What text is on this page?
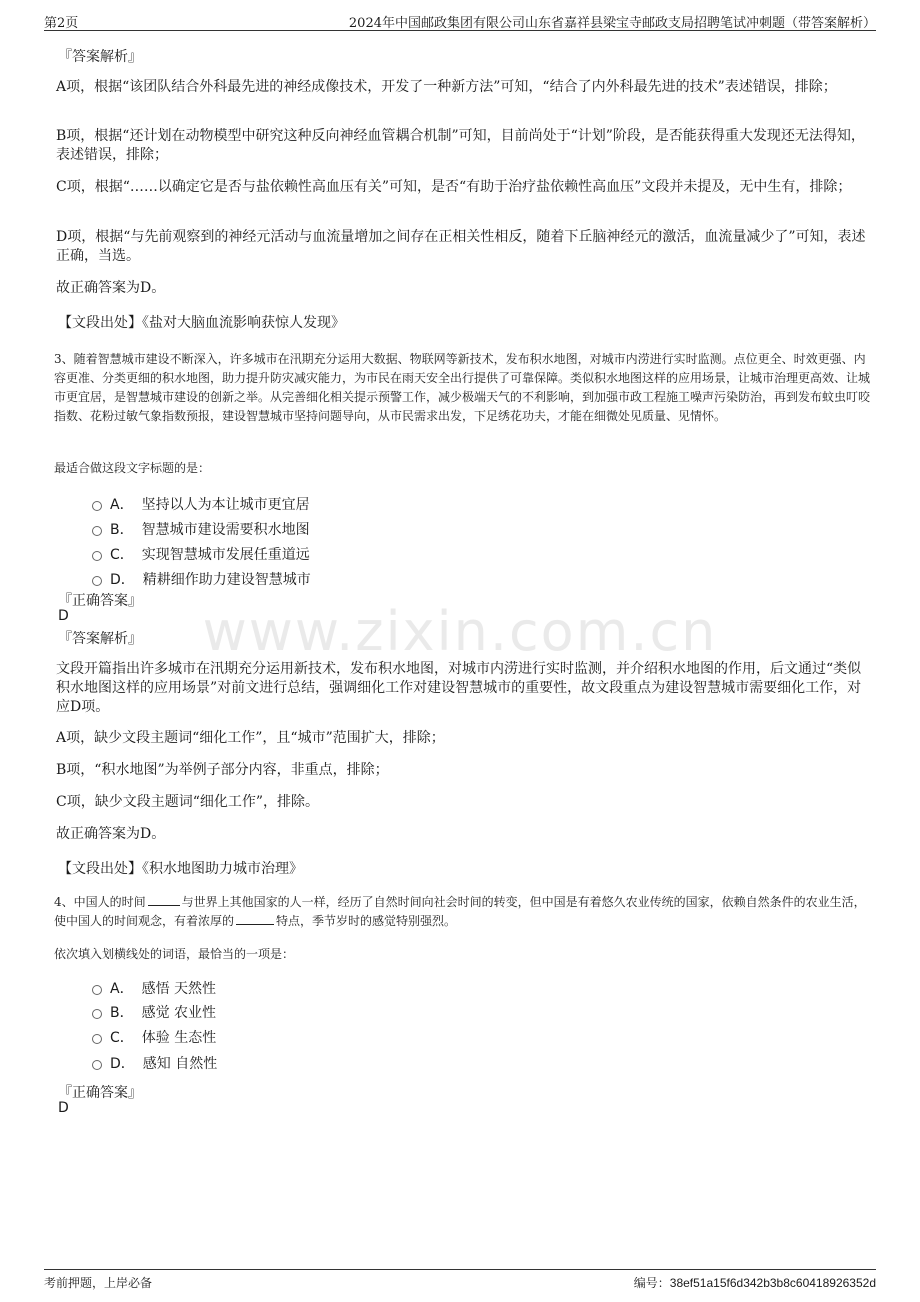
第2页	2024年中国邮政集团有限公司山东省嘉祥县梁宝寺邮政支局招聘笔试冲刺题（带答案解析）
『答案解析』
A项，根据“该团队结合外科最先进的神经成像技术，开发了一种新方法”可知，“结合了内外科最先进的技术”表述错误，排除；
B项，根据“还计划在动物模型中研究这种反向神经血管耦合机制”可知，目前尚处于“计划”阶段，是否能获得重大发现还无法得知，表述错误，排除；
C项，根据“……以确定它是否与盐依赖性高血压有关”可知，是否“有助于治疗盐依赖性高血压”文段并未提及，无中生有，排除；
D项，根据“与先前观察到的神经元活动与血流量增加之间存在正相关性相反，随着下丘脑神经元的激活，血流量减少了”可知，表述正确，当选。
故正确答案为D。
【文段出处】《盐对大脑血流影响获惊人发现》
3、随着智慧城市建设不断深入，许多城市在汛期充分运用大数据、物联网等新技术，发布积水地图，对城市内涝进行实时监测。点位更全、时效更强、内容更准、分类更细的积水地图，助力提升防灾减灾能力，为市民在雨天安全出行提供了可靠保障。类似积水地图这样的应用场景，让城市治理更高效、让城市更宜居，是智慧城市建设的创新之举。从完善细化相关提示预警工作，减少极端天气的不利影响，到加强市政工程施工噪声污染防治，再到发布蚊虫叮咬指数、花粉过敏气象指数预报，建设智慧城市坚持问题导向，从市民需求出发，下足绣花功夫，才能在细微处见质量、见情怀。
最适合做这段文字标题的是：
A． 坚持以人为本让城市更宜居
B． 智慧城市建设需要积水地图
C． 实现智慧城市发展任重道远
D． 精耕细作助力建设智慧城市
『正确答案』
D	www.zixin.com.cn
『答案解析』
文段开篇指出许多城市在汛期充分运用新技术，发布积水地图，对城市内涝进行实时监测，并介绍积水地图的作用，后文通过“类似积水地图这样的应用场景”对前文进行总结，强调细化工作对建设智慧城市的重要性，故文段重点为建设智慧城市需要细化工作，对应D项。
A项，缺少文段主题词“细化工作”，且“城市”范围扩大，排除；
B项，“积水地图”为举例子部分内容，非重点，排除；
C项，缺少文段主题词“细化工作”，排除。
故正确答案为D。
【文段出处】《积水地图助力城市治理》
4、中国人的时间	与世界上其他国家的人一样，经历了自然时间向社会时间的转变，但中国是有着悠久农业传统的国家，依赖自然条件的农业生活，使中国人的时间观念，有着浓厚的	特点，季节岁时的感觉特别强烈。
依次填入划横线处的词语，最恰当的一项是：
A． 感悟 天然性
B． 感觉 农业性
C． 体验 生态性
D． 感知 自然性
『正确答案』
D
考前押题，上岸必备	编号：38ef51a15f6d342b3b8c60418926352d
